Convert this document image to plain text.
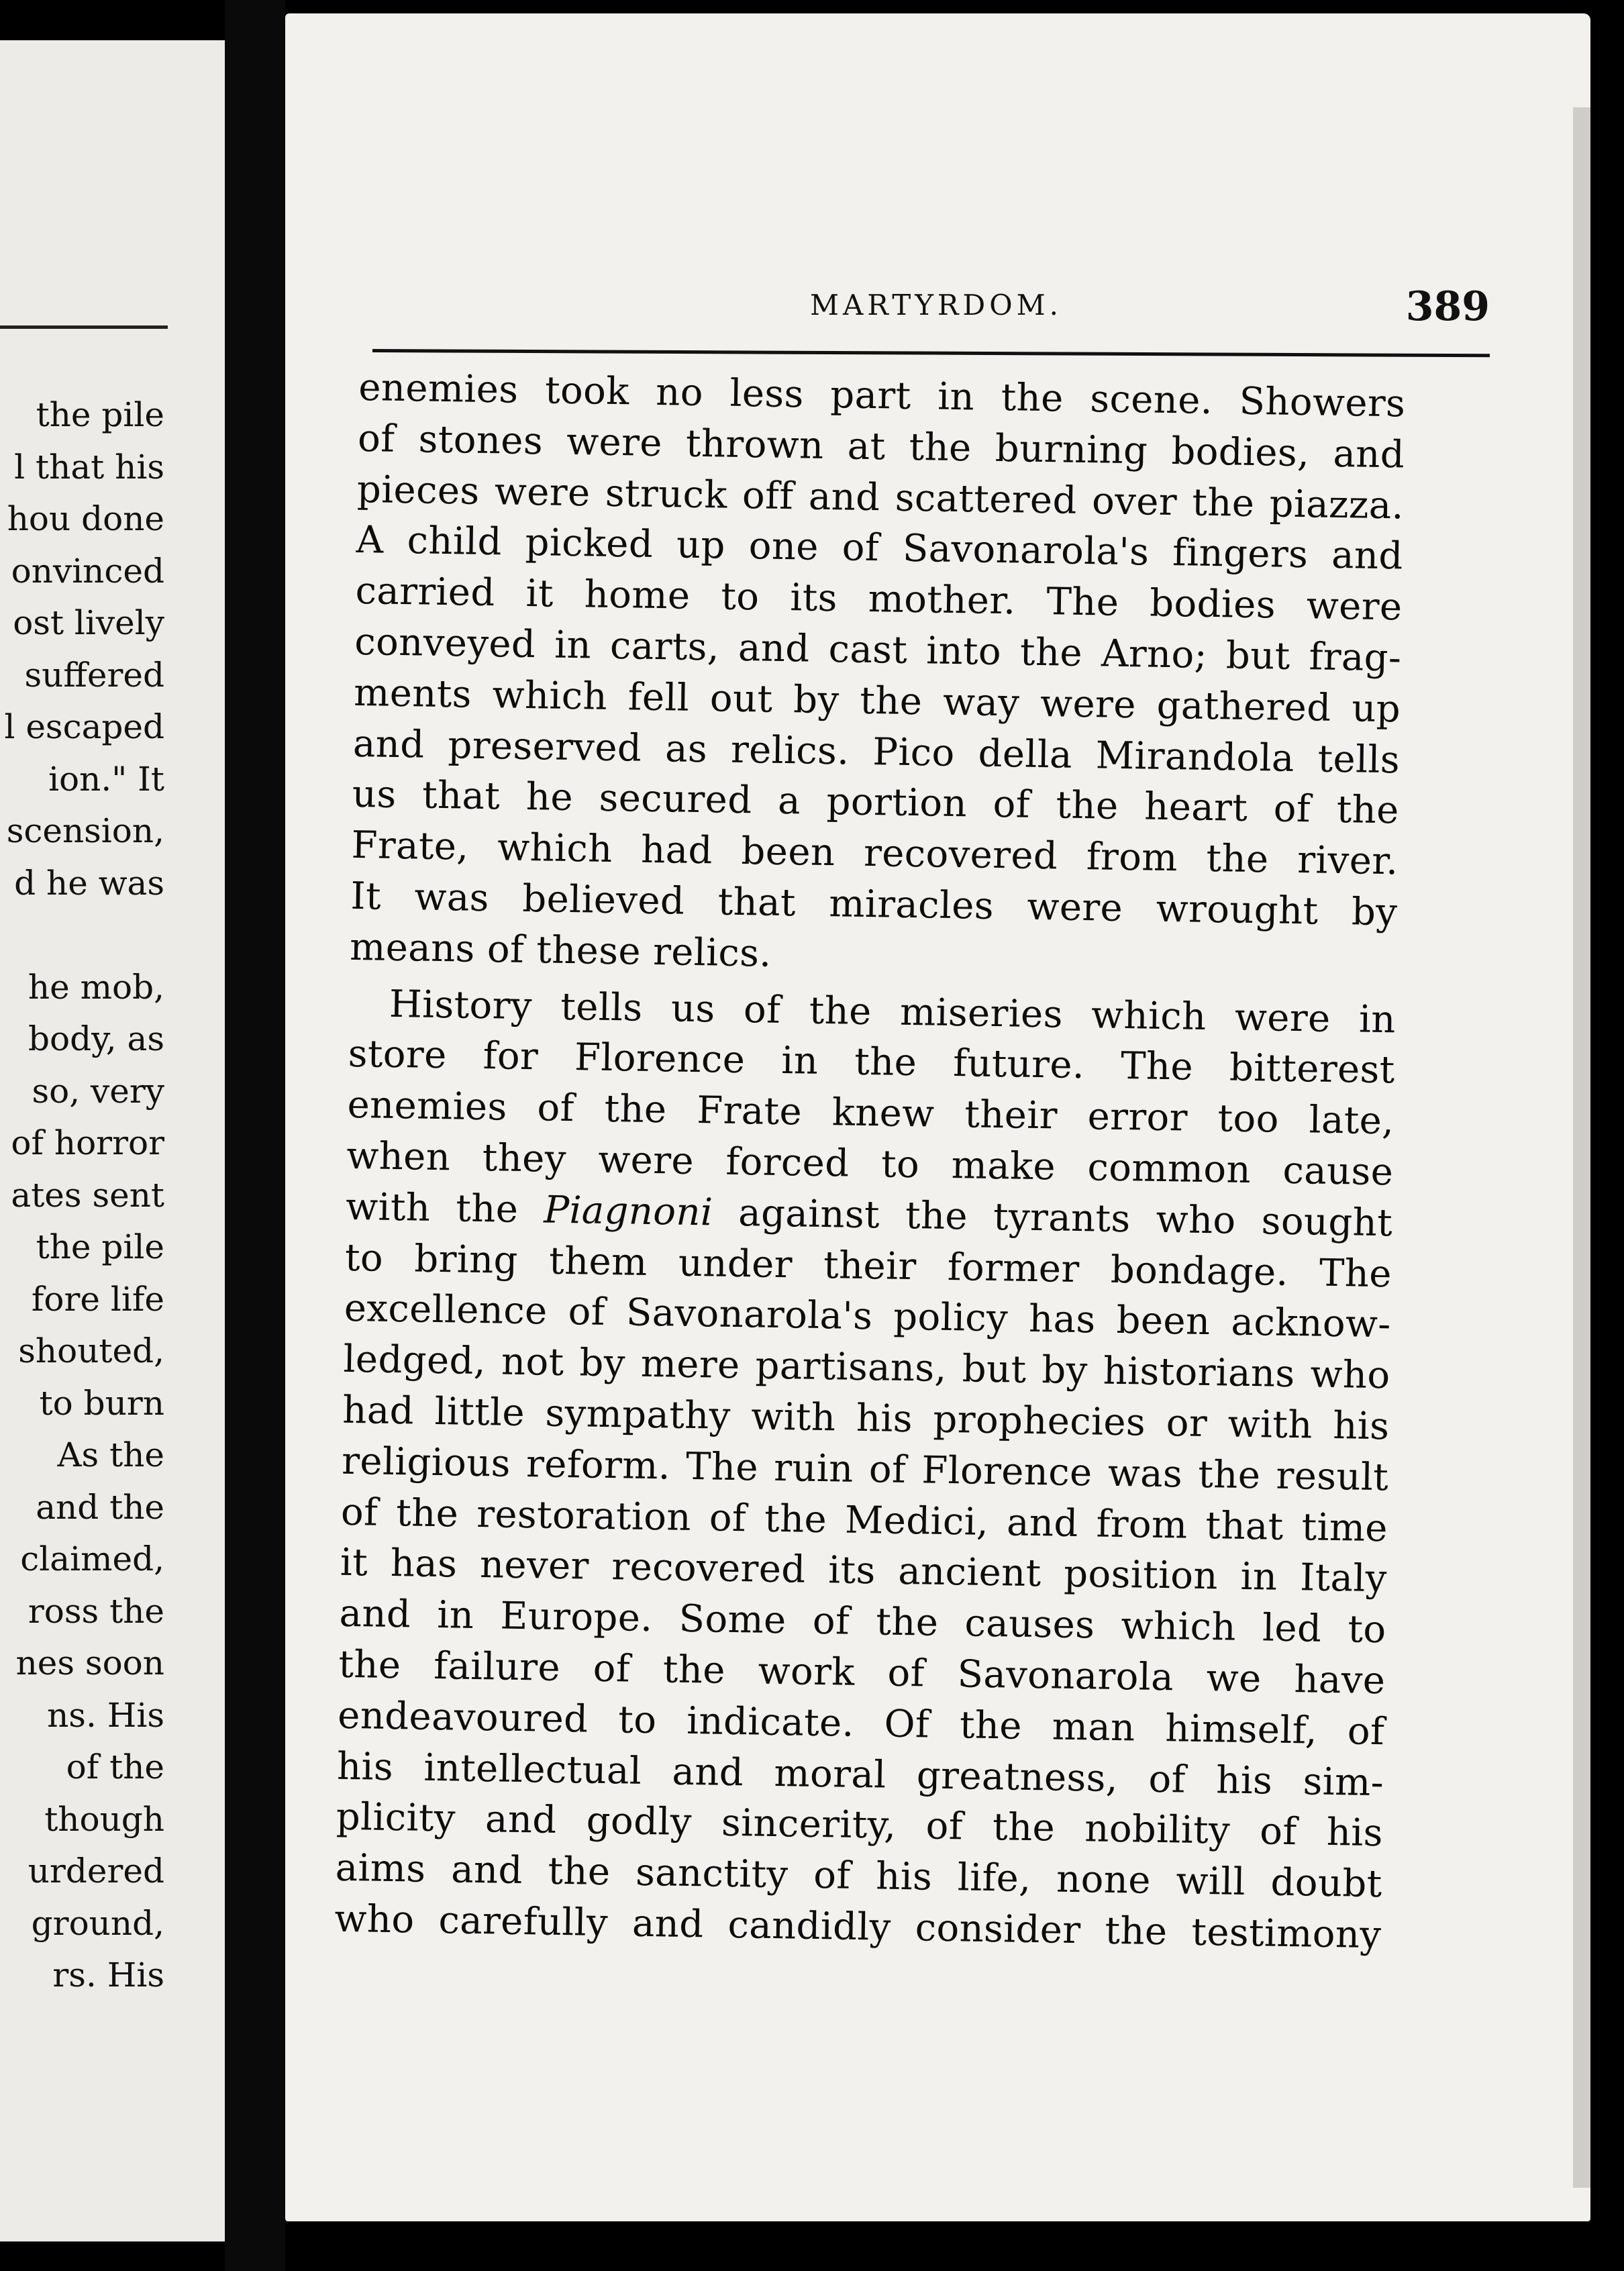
the pile
l that his
hou done
onvinced
ost lively
suffered
l escaped
ion." It
scension,
d he was

he mob,
body, as
so, very
of horror
ates sent
the pile
fore life
shouted,
to burn
As the
and the
claimed,
ross the
nes soon
ns. His
of the
though
urdered
ground,
rs. His
MARTYRDOM.	389
enemies took no less part in the scene. Showers
of stones were thrown at the burning bodies, and
pieces were struck off and scattered over the piazza.
A child picked up one of Savonarola's fingers and
carried it home to its mother. The bodies were
conveyed in carts, and cast into the Arno; but frag-
ments which fell out by the way were gathered up
and preserved as relics. Pico della Mirandola tells
us that he secured a portion of the heart of the
Frate, which had been recovered from the river.
It was believed that miracles were wrought by
means of these relics.
History tells us of the miseries which were in
store for Florence in the future. The bitterest
enemies of the Frate knew their error too late,
when they were forced to make common cause
with the Piagnoni against the tyrants who sought
to bring them under their former bondage. The
excellence of Savonarola's policy has been acknow-
ledged, not by mere partisans, but by historians who
had little sympathy with his prophecies or with his
religious reform. The ruin of Florence was the result
of the restoration of the Medici, and from that time
it has never recovered its ancient position in Italy
and in Europe. Some of the causes which led to
the failure of the work of Savonarola we have
endeavoured to indicate. Of the man himself, of
his intellectual and moral greatness, of his sim-
plicity and godly sincerity, of the nobility of his
aims and the sanctity of his life, none will doubt
who carefully and candidly consider the testimony
